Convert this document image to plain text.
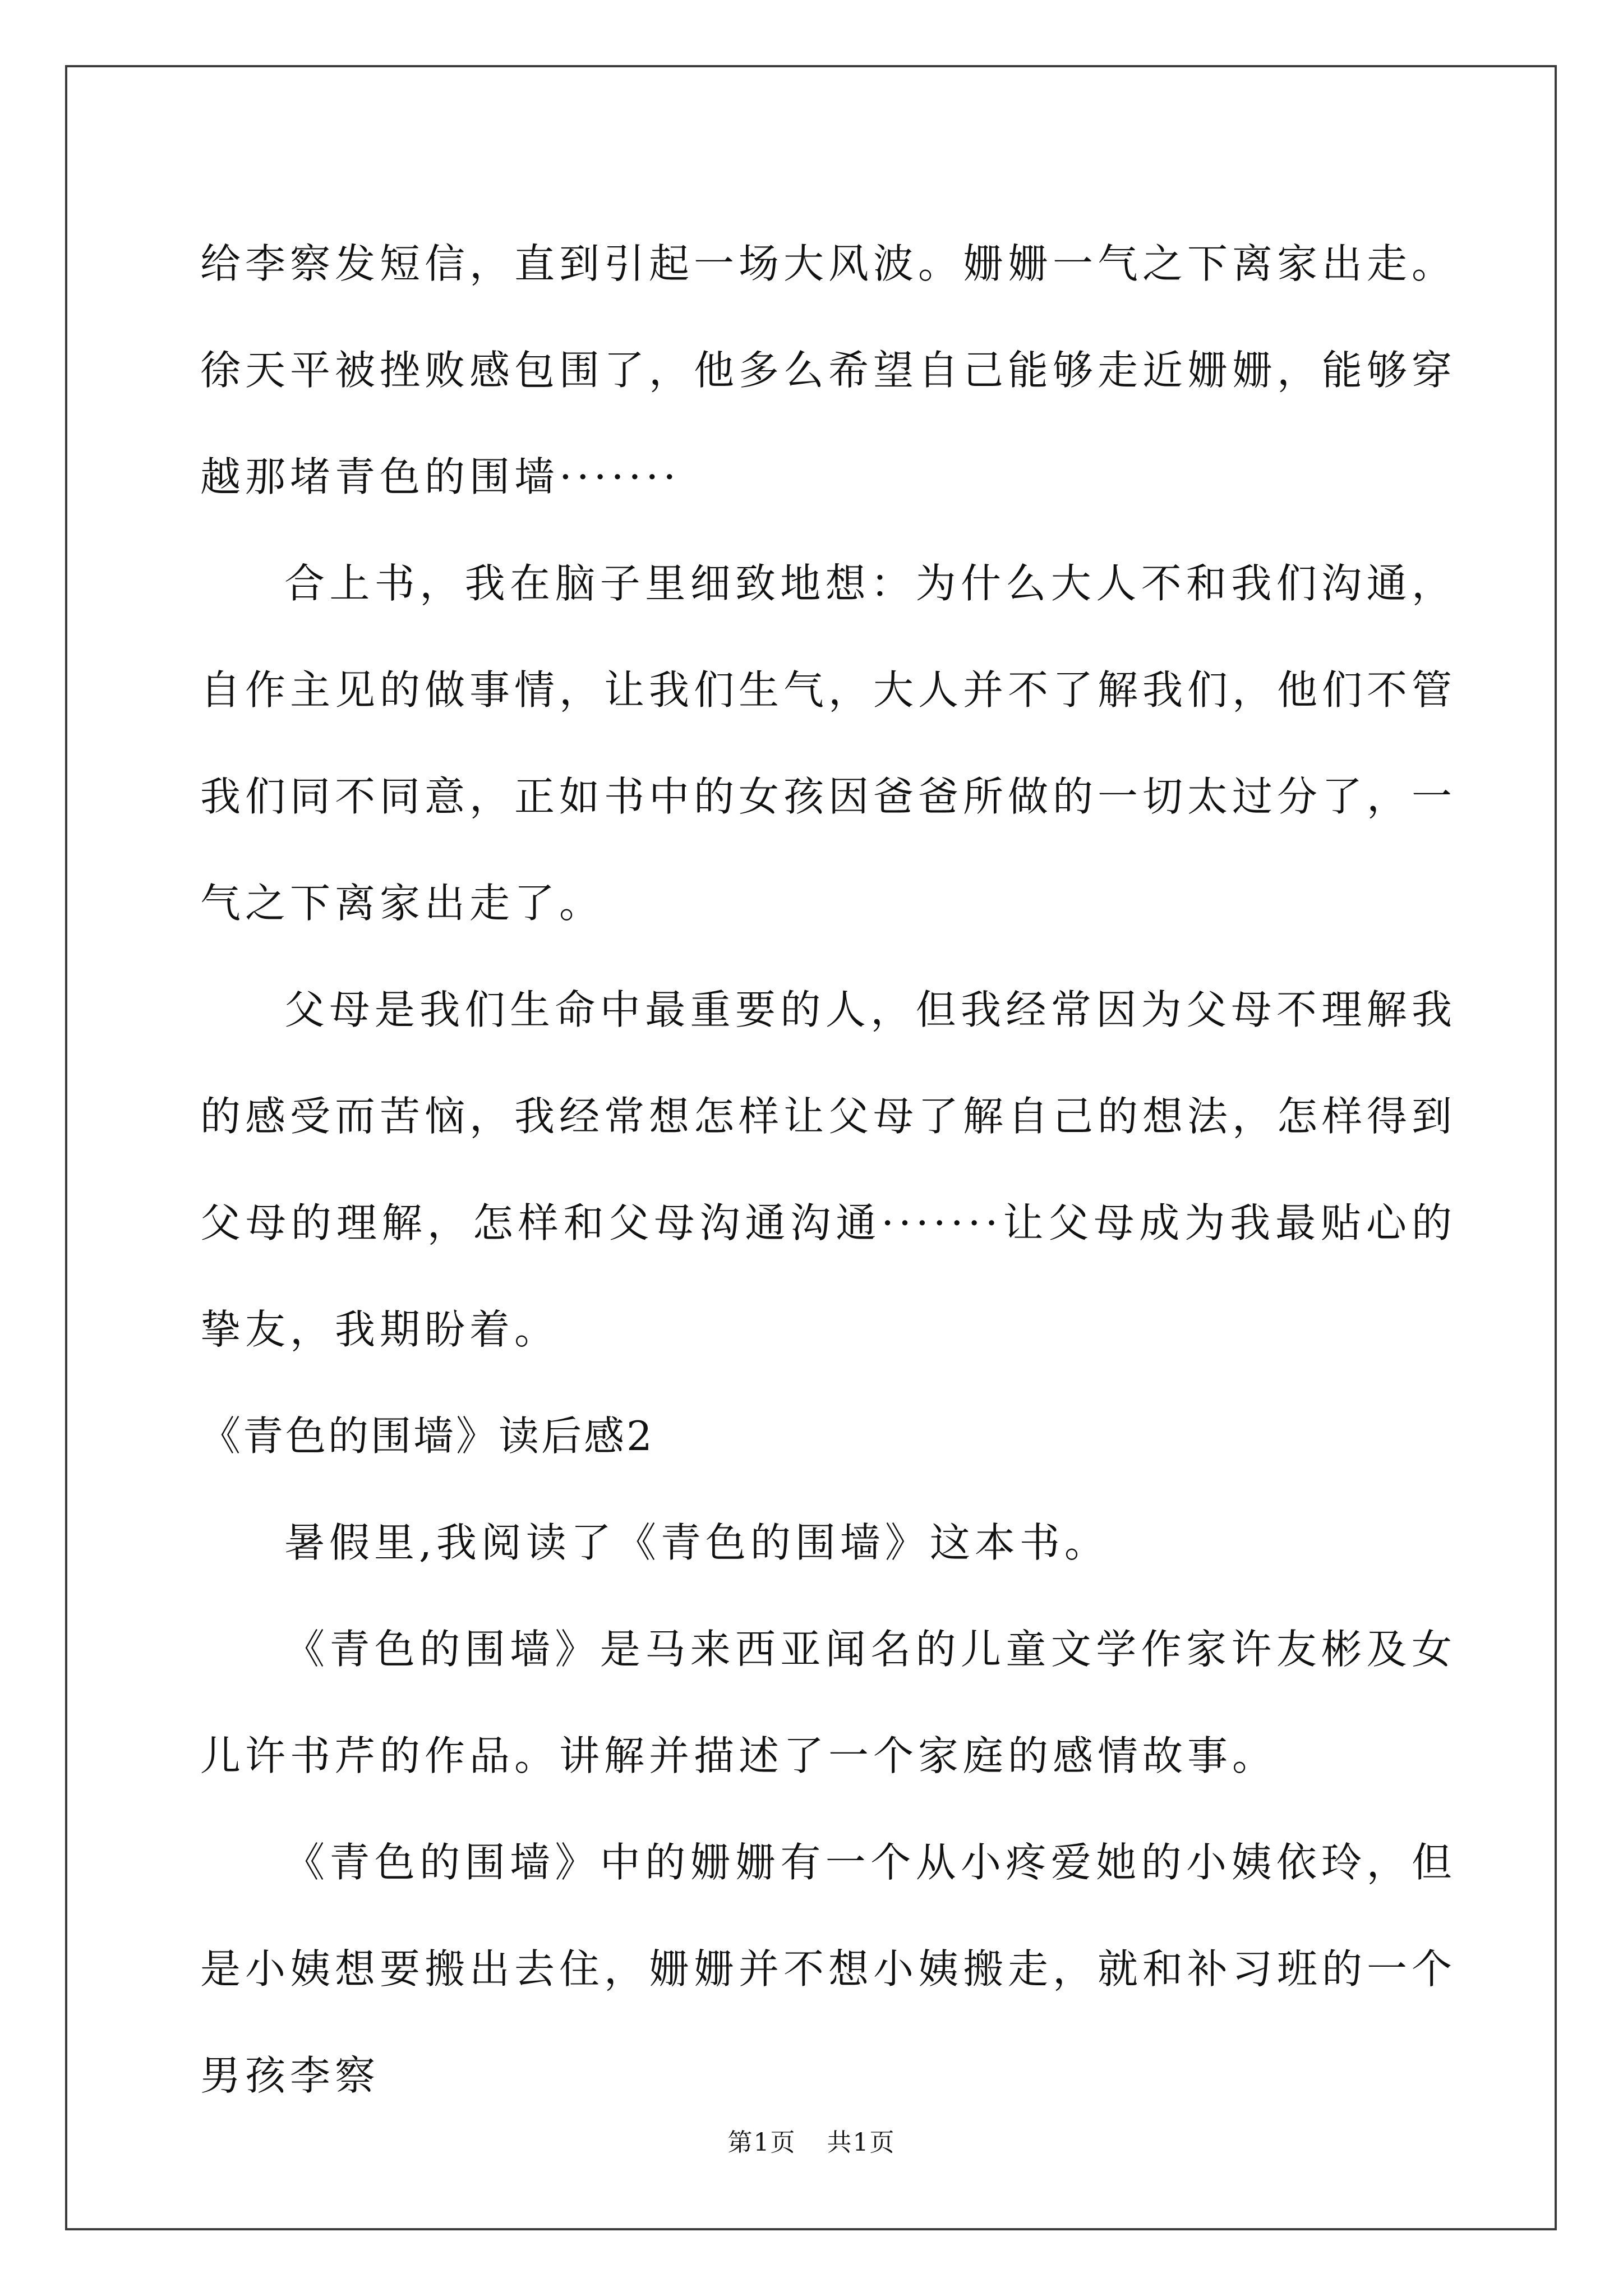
给李察发短信，直到引起一场大风波。姗姗一气之下离家出走。徐天平被挫败感包围了，他多么希望自己能够走近姗姗，能够穿越那堵青色的围墙·······

合上书，我在脑子里细致地想：为什么大人不和我们沟通，自作主见的做事情，让我们生气，大人并不了解我们，他们不管我们同不同意，正如书中的女孩因爸爸所做的一切太过分了，一气之下离家出走了。

父母是我们生命中最重要的人，但我经常因为父母不理解我的感受而苦恼，我经常想怎样让父母了解自己的想法，怎样得到父母的理解，怎样和父母沟通沟通·······让父母成为我最贴心的挚友，我期盼着。

《青色的围墙》读后感2

暑假里,我阅读了《青色的围墙》这本书。

《青色的围墙》是马来西亚闻名的儿童文学作家许友彬及女儿许书芹的作品。讲解并描述了一个家庭的感情故事。

《青色的围墙》中的姗姗有一个从小疼爱她的小姨依玲，但是小姨想要搬出去住，姗姗并不想小姨搬走，就和补习班的一个男孩李察

第1页 共1页
